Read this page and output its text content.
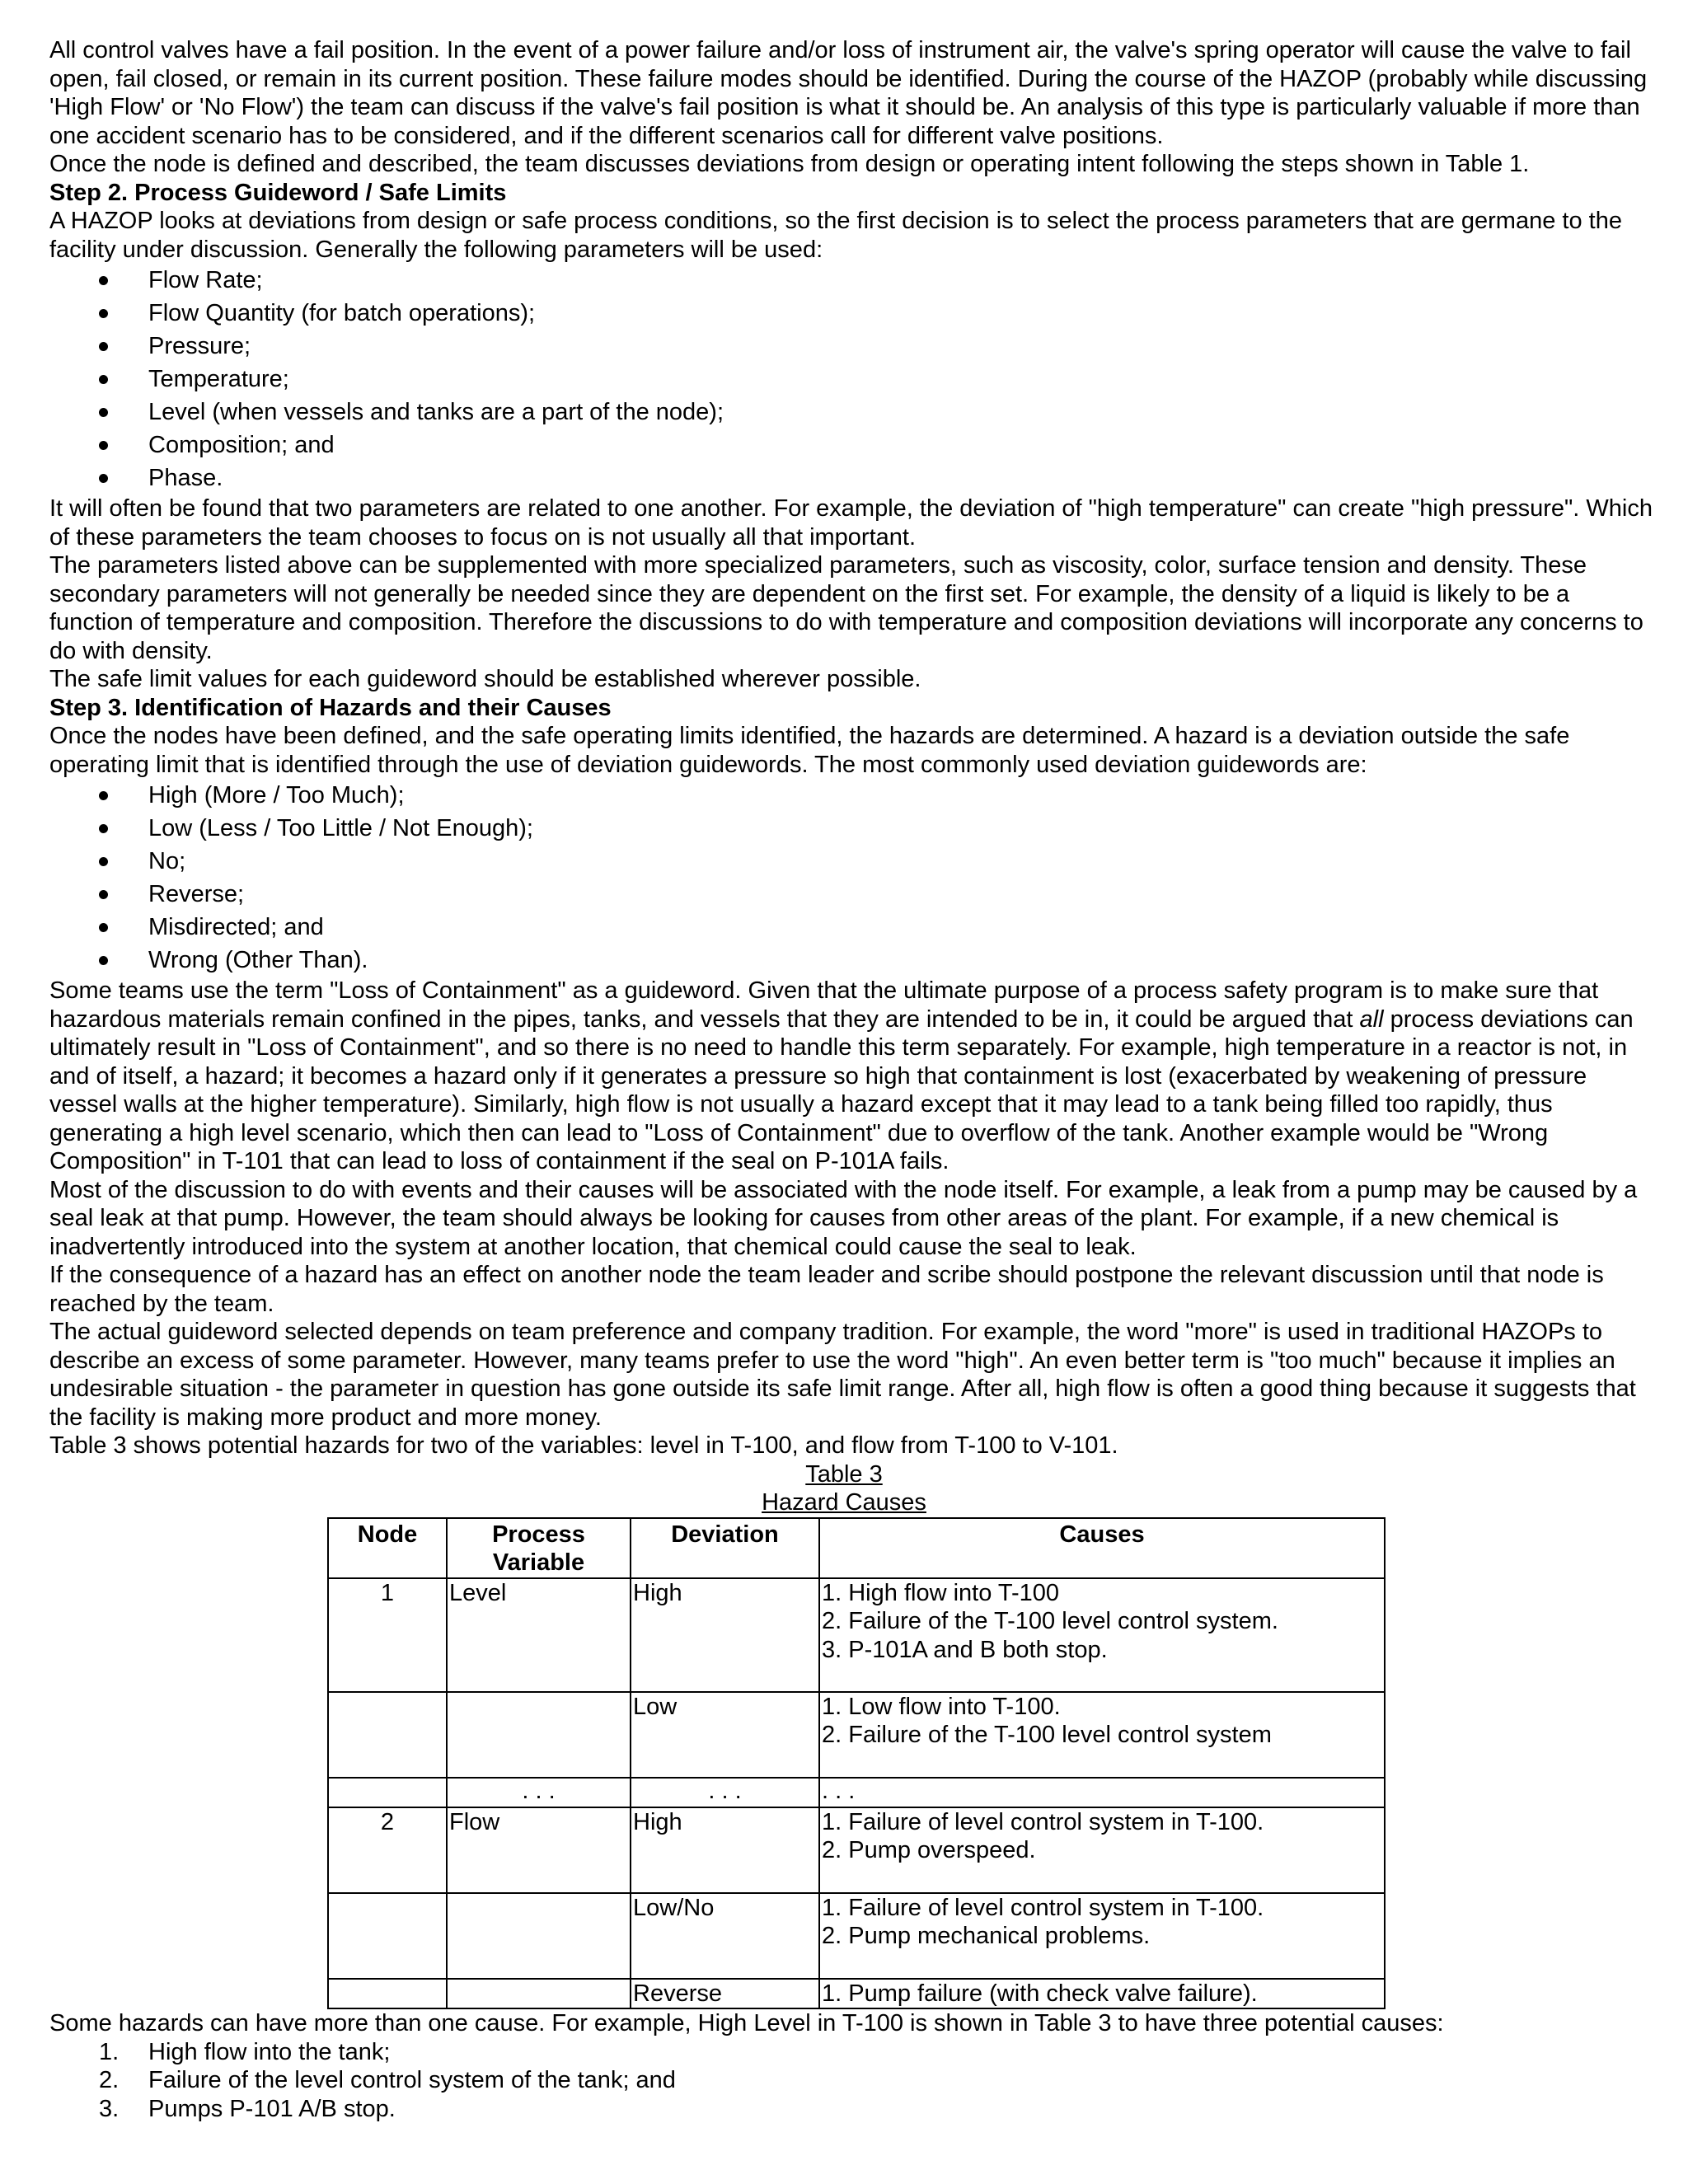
All control valves have a fail position. In the event of a power failure and/or loss of instrument air, the valve's spring operator will cause the valve to fail open, fail closed, or remain in its current position. These failure modes should be identified. During the course of the HAZOP (probably while discussing 'High Flow' or 'No Flow') the team can discuss if the valve's fail position is what it should be. An analysis of this type is particularly valuable if more than one accident scenario has to be considered, and if the different scenarios call for different valve positions.

Once the node is defined and described, the team discusses deviations from design or operating intent following the steps shown in Table 1.

Step 2. Process Guideword / Safe Limits

A HAZOP looks at deviations from design or safe process conditions, so the first decision is to select the process parameters that are germane to the facility under discussion. Generally the following parameters will be used:

Flow Rate;
Flow Quantity (for batch operations);
Pressure;
Temperature;
Level (when vessels and tanks are a part of the node);
Composition; and
Phase.

It will often be found that two parameters are related to one another. For example, the deviation of "high temperature" can create "high pressure". Which of these parameters the team chooses to focus on is not usually all that important.

The parameters listed above can be supplemented with more specialized parameters, such as viscosity, color, surface tension and density. These secondary parameters will not generally be needed since they are dependent on the first set. For example, the density of a liquid is likely to be a function of temperature and composition. Therefore the discussions to do with temperature and composition deviations will incorporate any concerns to do with density.

The safe limit values for each guideword should be established wherever possible.

Step 3. Identification of Hazards and their Causes

Once the nodes have been defined, and the safe operating limits identified, the hazards are determined. A hazard is a deviation outside the safe operating limit that is identified through the use of deviation guidewords. The most commonly used deviation guidewords are:

High (More / Too Much);
Low (Less / Too Little / Not Enough);
No;
Reverse;
Misdirected; and
Wrong (Other Than).

Some teams use the term "Loss of Containment" as a guideword. Given that the ultimate purpose of a process safety program is to make sure that hazardous materials remain confined in the pipes, tanks, and vessels that they are intended to be in, it could be argued that all process deviations can ultimately result in "Loss of Containment", and so there is no need to handle this term separately. For example, high temperature in a reactor is not, in and of itself, a hazard; it becomes a hazard only if it generates a pressure so high that containment is lost (exacerbated by weakening of pressure vessel walls at the higher temperature). Similarly, high flow is not usually a hazard except that it may lead to a tank being filled too rapidly, thus generating a high level scenario, which then can lead to "Loss of Containment" due to overflow of the tank. Another example would be "Wrong Composition" in T-101 that can lead to loss of containment if the seal on P-101A fails.

Most of the discussion to do with events and their causes will be associated with the node itself. For example, a leak from a pump may be caused by a seal leak at that pump. However, the team should always be looking for causes from other areas of the plant. For example, if a new chemical is inadvertently introduced into the system at another location, that chemical could cause the seal to leak.

If the consequence of a hazard has an effect on another node the team leader and scribe should postpone the relevant discussion until that node is reached by the team.

The actual guideword selected depends on team preference and company tradition. For example, the word "more" is used in traditional HAZOPs to describe an excess of some parameter. However, many teams prefer to use the word "high". An even better term is "too much" because it implies an undesirable situation - the parameter in question has gone outside its safe limit range. After all, high flow is often a good thing because it suggests that the facility is making more product and more money.

Table 3 shows potential hazards for two of the variables: level in T-100, and flow from T-100 to V-101.

Table 3

Hazard Causes

Node	Process Variable	Deviation	Causes
1	Level	High	1. High flow into T-100
2. Failure of the T-100 level control system.
3. P-101A and B both stop.

		Low	1. Low flow into T-100.
2. Failure of the T-100 level control system

	. . .	. . .	. . .

2	Flow	High	1. Failure of level control system in T-100.
2. Pump overspeed.

		Low/No	1. Failure of level control system in T-100.
2. Pump mechanical problems.

		Reverse	1. Pump failure (with check valve failure).

Some hazards can have more than one cause. For example, High Level in T-100 is shown in Table 3 to have three potential causes:

1. High flow into the tank;
2. Failure of the level control system of the tank; and
3. Pumps P-101 A/B stop.
